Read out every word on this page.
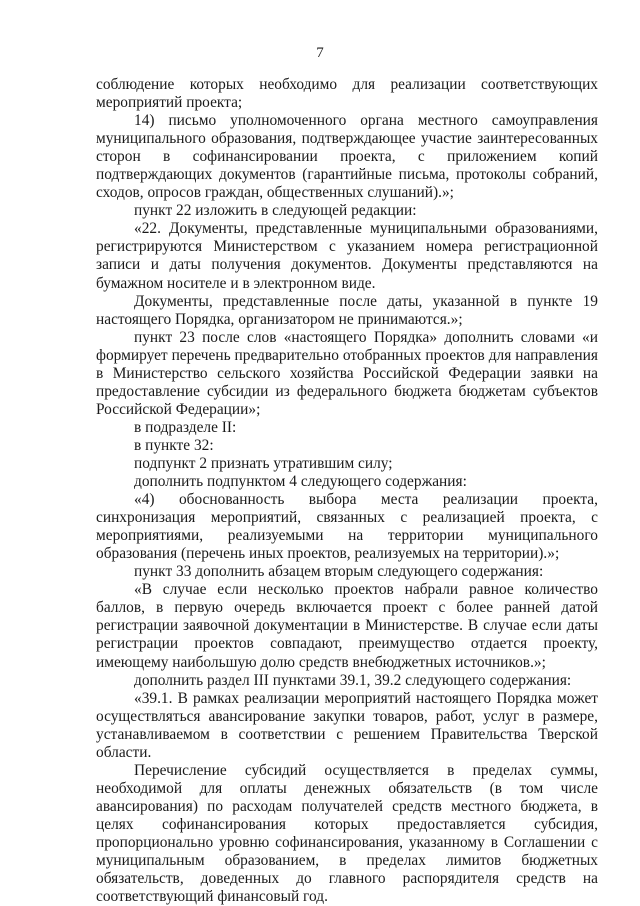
7

соблюдение которых необходимо для реализации соответствующих мероприятий проекта;

14) письмо уполномоченного органа местного самоуправления муниципального образования, подтверждающее участие заинтересованных сторон в софинансировании проекта, с приложением копий подтверждающих документов (гарантийные письма, протоколы собраний, сходов, опросов граждан, общественных слушаний).»;

пункт 22 изложить в следующей редакции:

«22. Документы, представленные муниципальными образованиями, регистрируются Министерством с указанием номера регистрационной записи и даты получения документов. Документы представляются на бумажном носителе и в электронном виде.

Документы, представленные после даты, указанной в пункте 19 настоящего Порядка, организатором не принимаются.»;

пункт 23 после слов «настоящего Порядка» дополнить словами «и формирует перечень предварительно отобранных проектов для направления в Министерство сельского хозяйства Российской Федерации заявки на предоставление субсидии из федерального бюджета бюджетам субъектов Российской Федерации»;

в подразделе II:

в пункте 32:

подпункт 2 признать утратившим силу;

дополнить подпунктом 4 следующего содержания:

«4) обоснованность выбора места реализации проекта, синхронизация мероприятий, связанных с реализацией проекта, с мероприятиями, реализуемыми на территории муниципального образования (перечень иных проектов, реализуемых на территории).»;

пункт 33 дополнить абзацем вторым следующего содержания:

«В случае если несколько проектов набрали равное количество баллов, в первую очередь включается проект с более ранней датой регистрации заявочной документации в Министерстве. В случае если даты регистрации проектов совпадают, преимущество отдается проекту, имеющему наибольшую долю средств внебюджетных источников.»;

дополнить раздел III пунктами 39.1, 39.2 следующего содержания:

«39.1. В рамках реализации мероприятий настоящего Порядка может осуществляться авансирование закупки товаров, работ, услуг в размере, устанавливаемом в соответствии с решением Правительства Тверской области.

Перечисление субсидий осуществляется в пределах суммы, необходимой для оплаты денежных обязательств (в том числе авансирования) по расходам получателей средств местного бюджета, в целях софинансирования которых предоставляется субсидия, пропорционально уровню софинансирования, указанному в Соглашении с муниципальным образованием, в пределах лимитов бюджетных обязательств, доведенных до главного распорядителя средств на соответствующий финансовый год.
